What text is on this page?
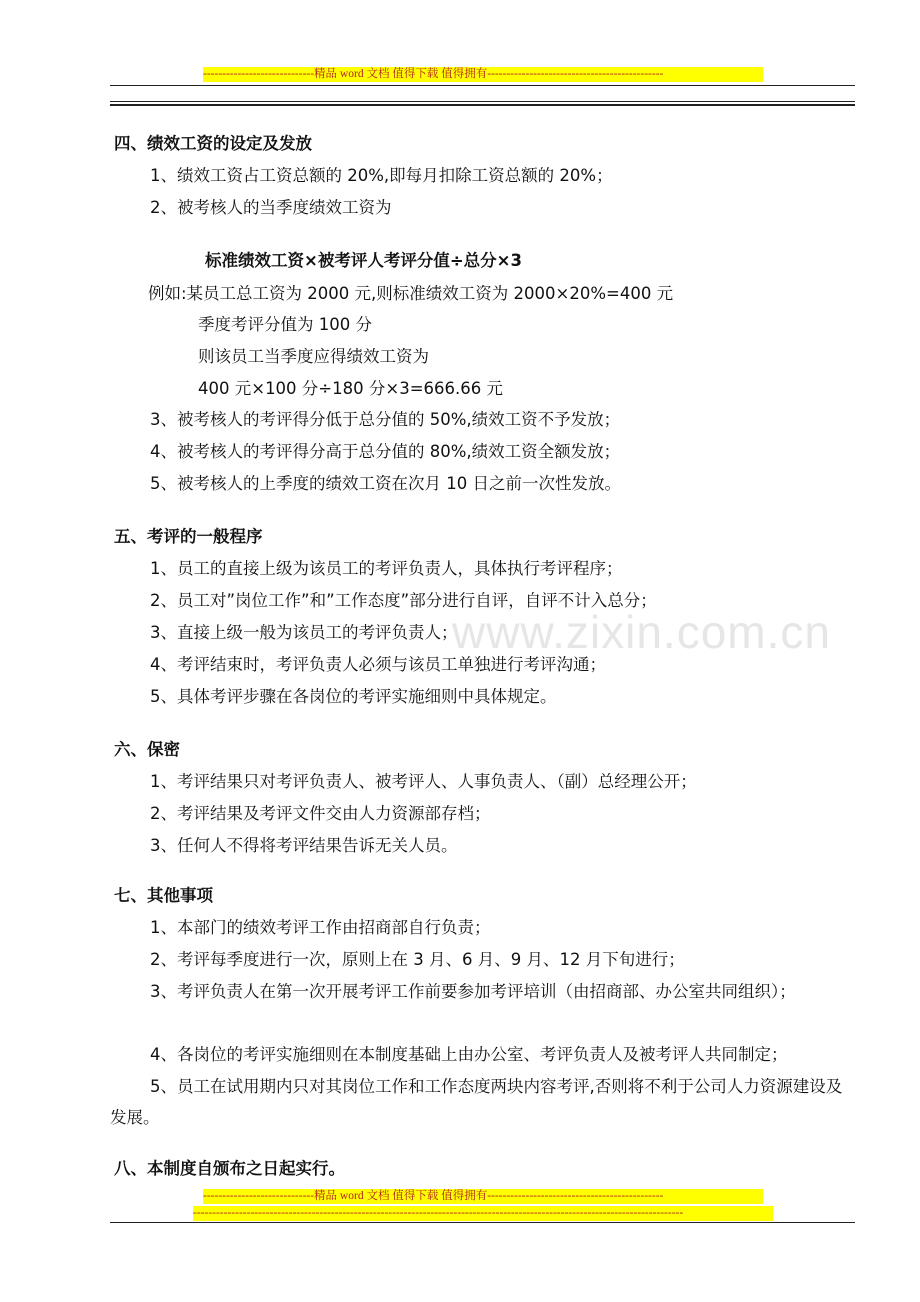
-----------------------------精品 word 文档 值得下载 值得拥有----------------------------------------------
www.zixin.com.cn
四、绩效工资的设定及发放
1、绩效工资占工资总额的 20%,即每月扣除工资总额的 20%；
2、被考核人的当季度绩效工资为
标准绩效工资×被考评人考评分值÷总分×3
例如:某员工总工资为 2000 元,则标准绩效工资为 2000×20%=400 元
季度考评分值为 100 分
则该员工当季度应得绩效工资为
400 元×100 分÷180 分×3=666.66 元
3、被考核人的考评得分低于总分值的 50%,绩效工资不予发放；
4、被考核人的考评得分高于总分值的 80%,绩效工资全额发放；
5、被考核人的上季度的绩效工资在次月 10 日之前一次性发放。
五、考评的一般程序
1、员工的直接上级为该员工的考评负责人，具体执行考评程序；
2、员工对”岗位工作”和”工作态度”部分进行自评，自评不计入总分；
3、直接上级一般为该员工的考评负责人；
4、考评结束时，考评负责人必须与该员工单独进行考评沟通；
5、具体考评步骤在各岗位的考评实施细则中具体规定。
六、保密
1、考评结果只对考评负责人、被考评人、人事负责人、（副）总经理公开；
2、考评结果及考评文件交由人力资源部存档；
3、任何人不得将考评结果告诉无关人员。
七、其他事项
1、本部门的绩效考评工作由招商部自行负责；
2、考评每季度进行一次，原则上在 3 月、6 月、9 月、12 月下旬进行；
3、考评负责人在第一次开展考评工作前要参加考评培训（由招商部、办公室共同组织）；
4、各岗位的考评实施细则在本制度基础上由办公室、考评负责人及被考评人共同制定；
5、员工在试用期内只对其岗位工作和工作态度两块内容考评,否则将不利于公司人力资源建设及发展。
八、本制度自颁布之日起实行。
-----------------------------精品 word 文档 值得下载 值得拥有----------------------------------------------
--------------------------------------------------------------------------------------------------------------------------------
